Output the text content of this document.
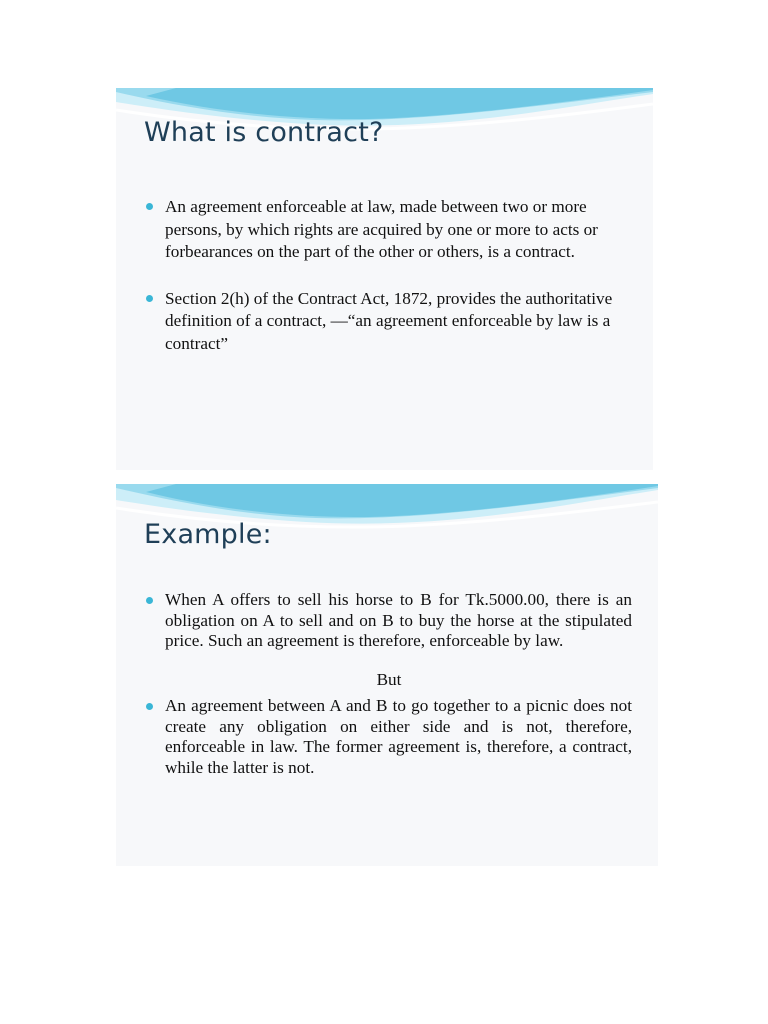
What is contract?
An agreement enforceable at law, made between two or more persons, by which rights are acquired by one or more to acts or forbearances on the part of the other or others, is a contract.
Section 2(h) of the Contract Act, 1872, provides the authoritative definition of a contract, —“an agreement enforceable by law is a contract”
Example:
When A offers to sell his horse to B for Tk.5000.00, there is an obligation on A to sell and on B to buy the horse at the stipulated price. Such an agreement is therefore, enforceable by law.
But
An agreement between A and B to go together to a picnic does not create any obligation on either side and is not, therefore, enforceable in law. The former agreement is, therefore, a contract, while the latter is not.
